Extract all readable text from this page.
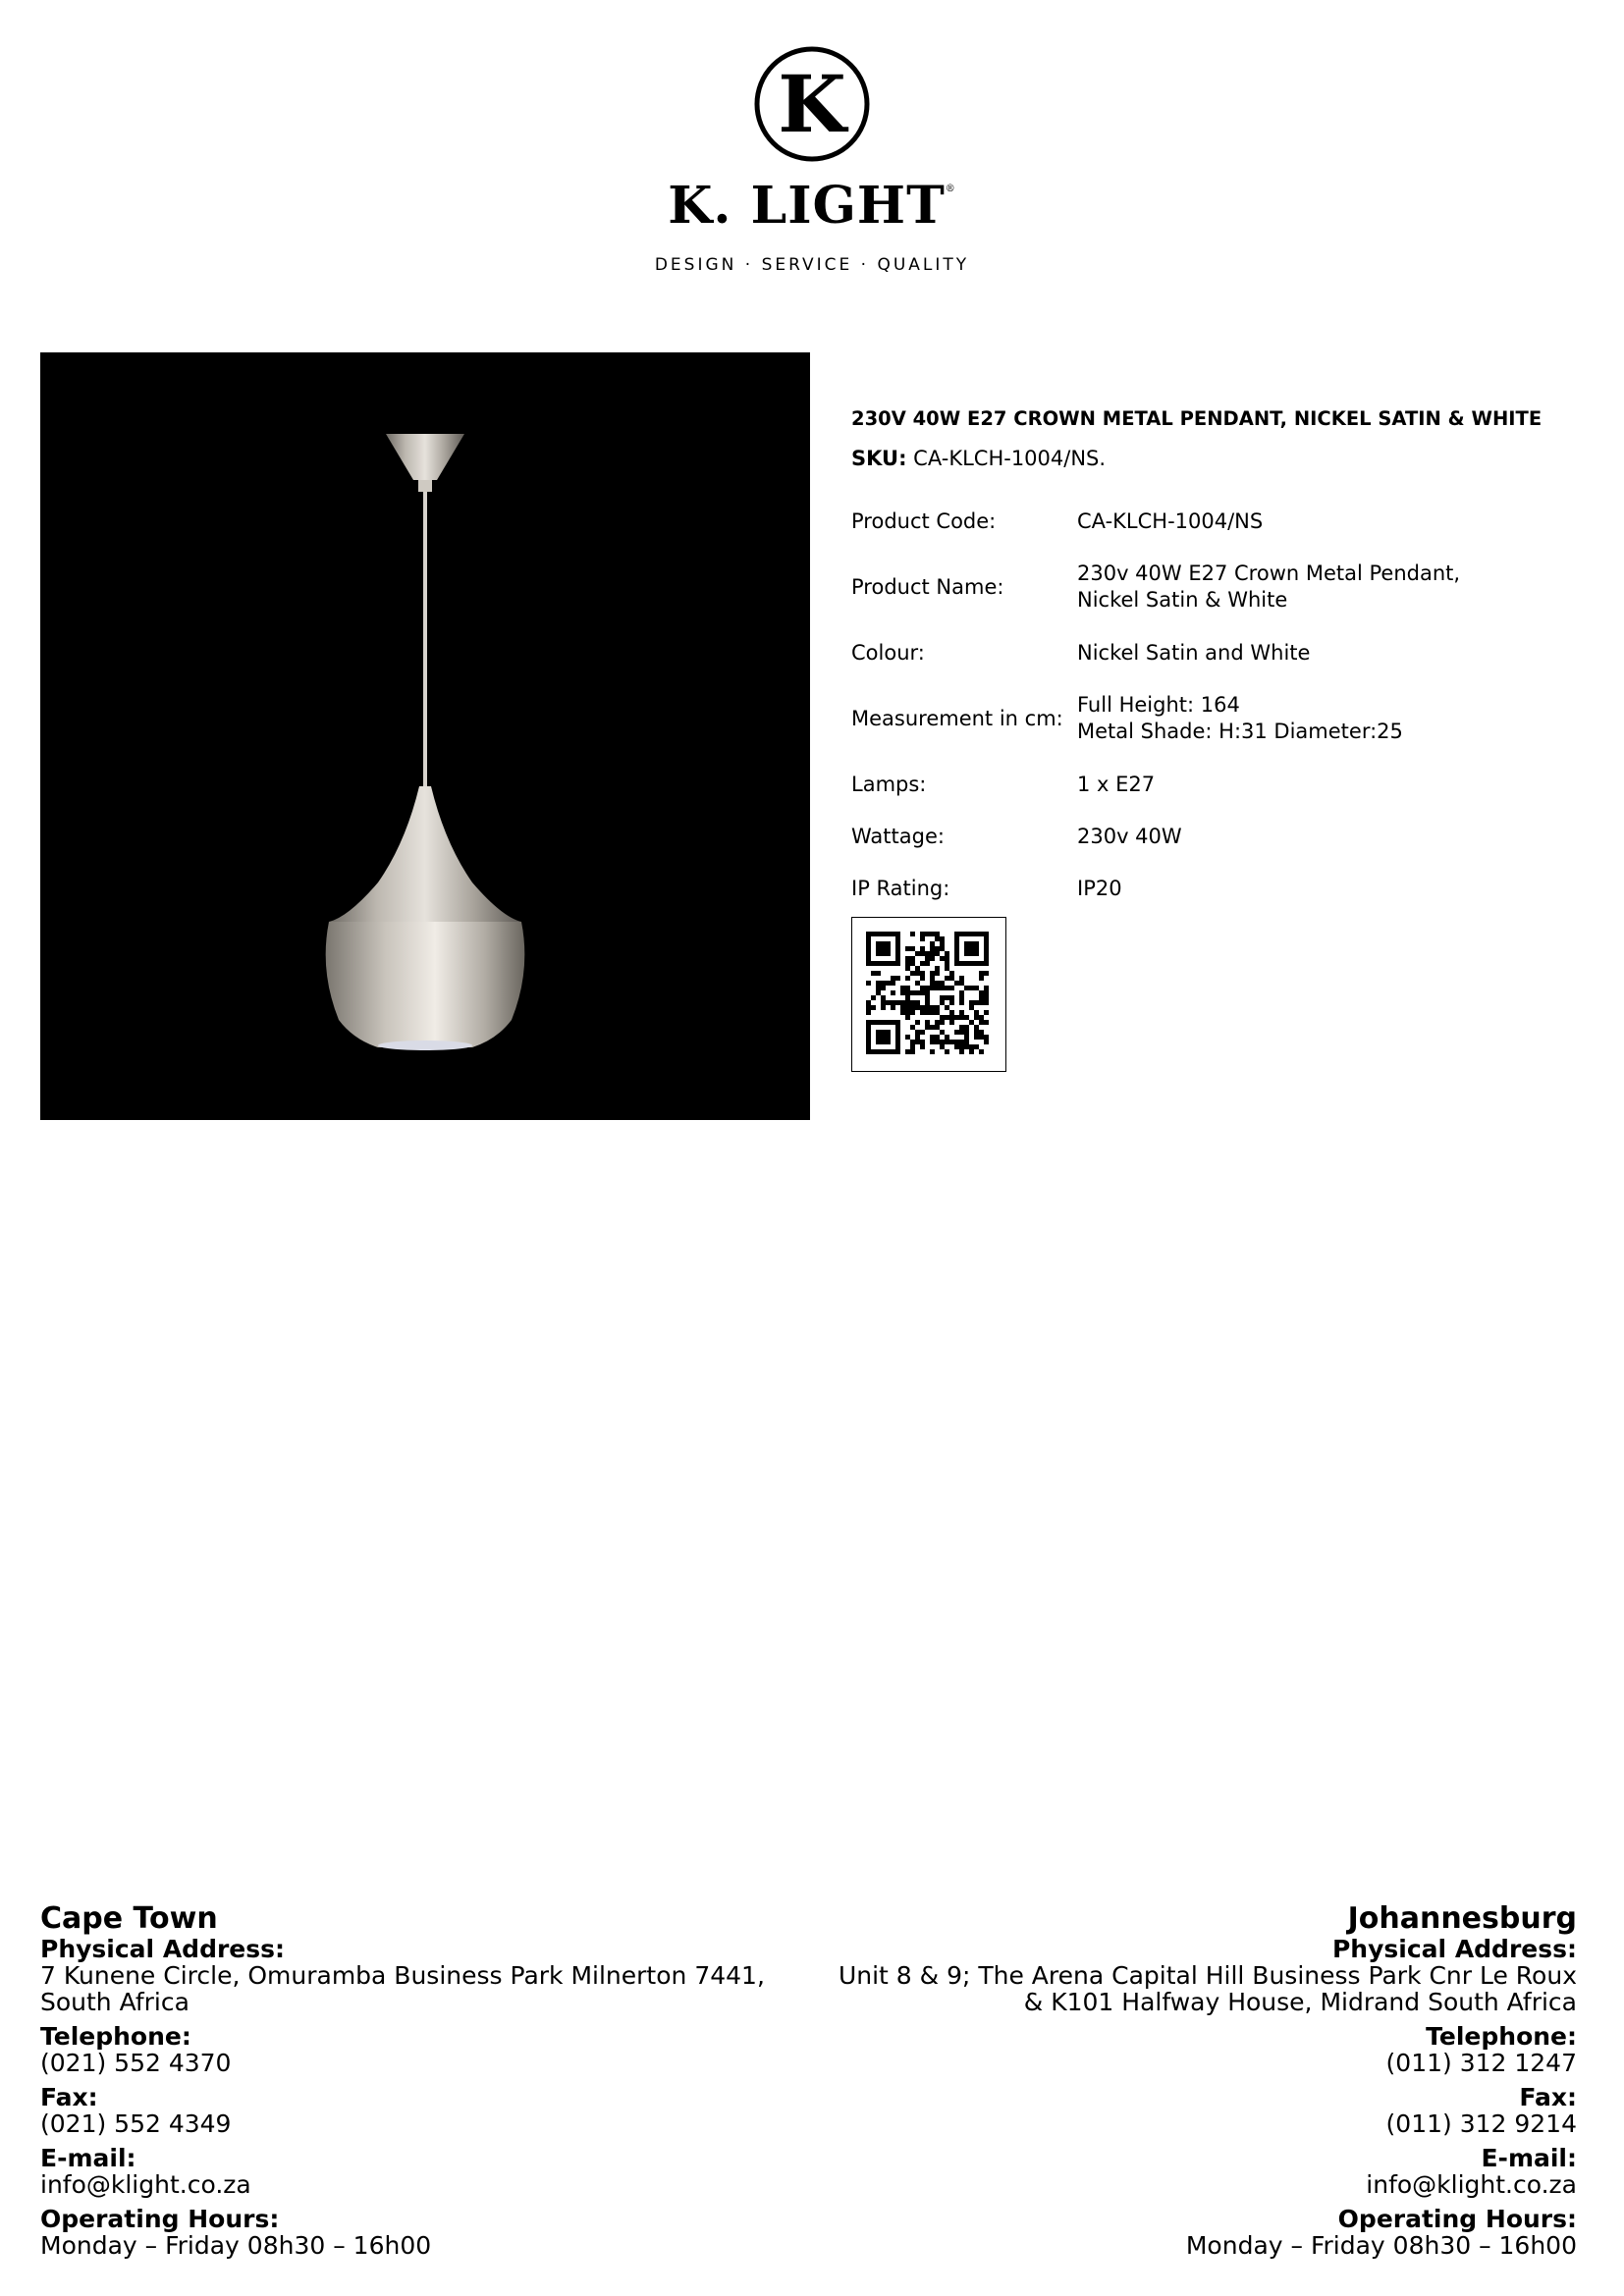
K
K. LIGHT®
DESIGN · SERVICE · QUALITY
230V 40W E27 CROWN METAL PENDANT, NICKEL SATIN & WHITE
SKU: CA-KLCH-1004/NS.
Product Code:	CA-KLCH-1004/NS
Product Name:
230v 40W E27 Crown Metal Pendant,
Nickel Satin & White
Colour:	Nickel Satin and White
Measurement in cm:
Full Height: 164
Metal Shade: H:31 Diameter:25
Lamps:	1 x E27
Wattage:	230v 40W
IP Rating:	IP20
Cape Town
Physical Address:
7 Kunene Circle, Omuramba Business Park Milnerton 7441,
South Africa
Telephone:
(021) 552 4370
Fax:
(021) 552 4349
E-mail:
info@klight.co.za
Operating Hours:
Monday – Friday 08h30 – 16h00
Johannesburg
Physical Address:
Unit 8 & 9; The Arena Capital Hill Business Park Cnr Le Roux
& K101 Halfway House, Midrand South Africa
Telephone:
(011) 312 1247
Fax:
(011) 312 9214
E-mail:
info@klight.co.za
Operating Hours:
Monday – Friday 08h30 – 16h00
